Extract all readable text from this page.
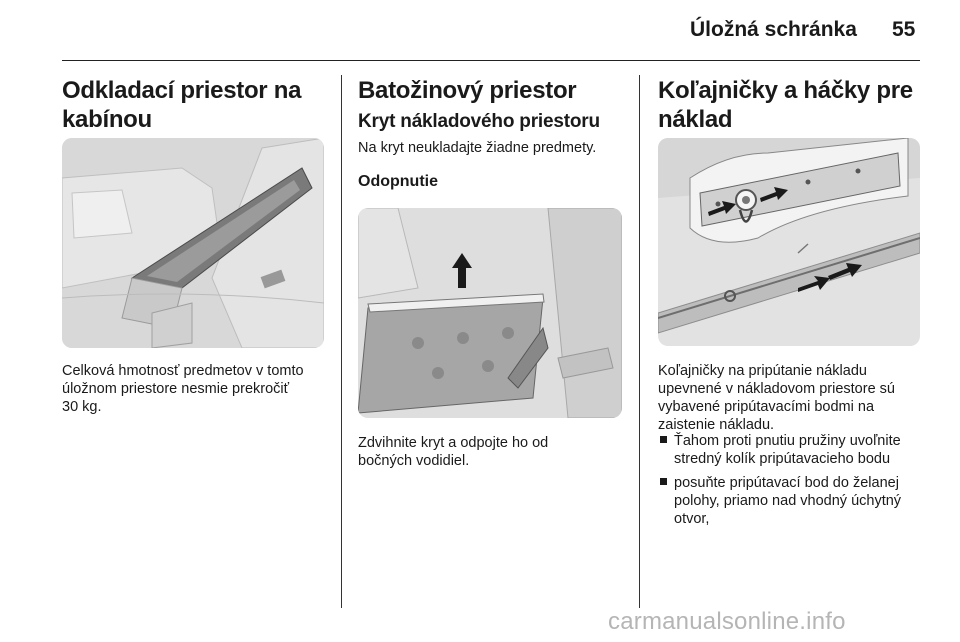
Úložná schránka 55
Odkladací priestor na kabínou

Celková hmotnosť predmetov v tomto

úložnom priestore nesmie prekročiť

30 kg.

Batožinový priestor
Kryt nákladového priestoru

Na kryt neukladajte žiadne predmety.

Odopnutie

Zdvihnite kryt a odpojte ho od

bočných vodidiel.

Koľajničky a háčky pre
náklad

Koľajničky na pripútanie nákladu

upevnené v nákladovom priestore sú

vybavené pripútavacími bodmi na

zaistenie nákladu.

Ťahom proti pnutiu pružiny uvoľnite

stredný kolík pripútavacieho bodu

posuňte pripútavací bod do želanej

polohy, priamo nad vhodný úchytný

otvor,

carmanualsonline.info
